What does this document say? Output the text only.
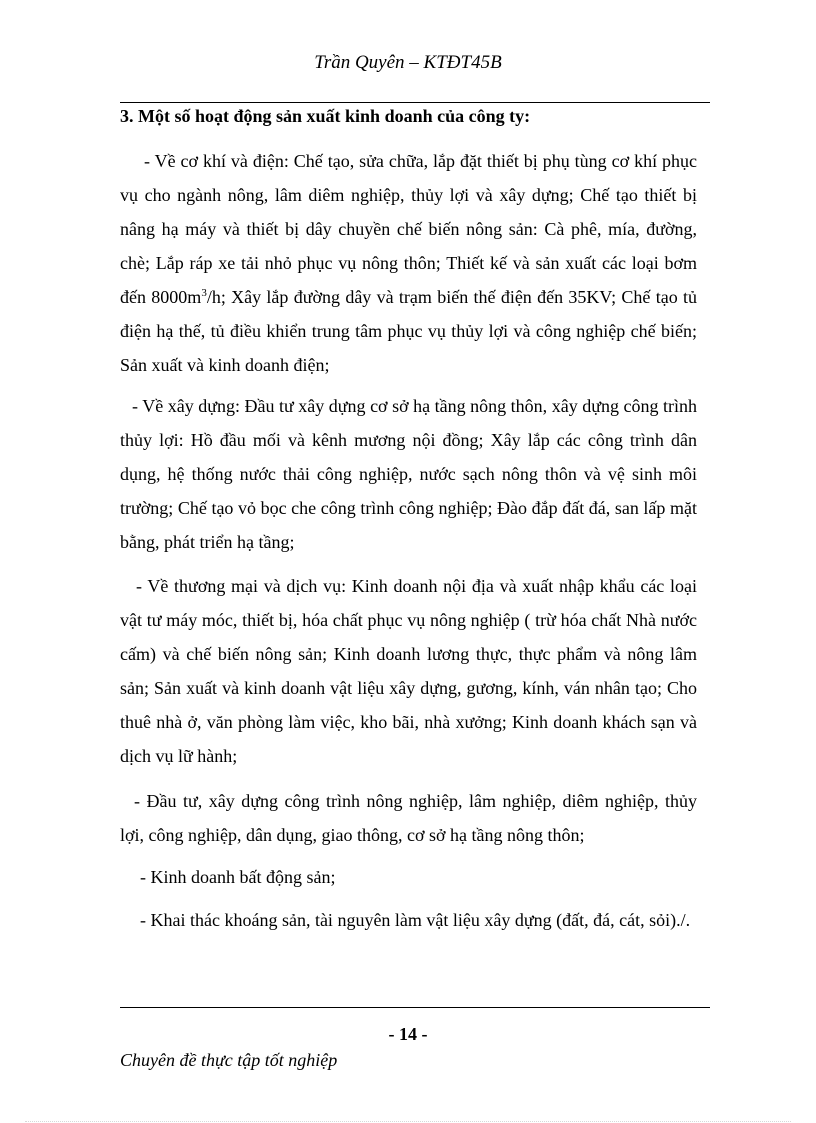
Trần Quyên – KTĐT45B
3. Một số hoạt động sản xuất kinh doanh của công ty:
- Về cơ khí và điện: Chế tạo, sửa chữa, lắp đặt thiết bị phụ tùng cơ khí phục vụ cho ngành nông, lâm diêm nghiệp, thủy lợi và xây dựng; Chế tạo thiết bị nâng hạ máy và thiết bị dây chuyền chế biến nông sản: Cà phê, mía, đường, chè; Lắp ráp xe tải nhỏ phục vụ nông thôn; Thiết kế và sản xuất các loại bơm đến $8000m^3/h$; Xây lắp đường dây và trạm biến thế điện đến 35KV; Chế tạo tủ điện hạ thế, tủ điều khiển trung tâm phục vụ thủy lợi và công nghiệp chế biến; Sản xuất và kinh doanh điện;
- Về xây dựng: Đầu tư xây dựng cơ sở hạ tầng nông thôn, xây dựng công trình thủy lợi: Hồ đầu mối và kênh mương nội đồng; Xây lắp các công trình dân dụng, hệ thống nước thải công nghiệp, nước sạch nông thôn và vệ sinh môi trường; Chế tạo vỏ bọc che công trình công nghiệp; Đào đắp đất đá, san lấp mặt bằng, phát triển hạ tầng;
- Về thương mại và dịch vụ: Kinh doanh nội địa và xuất nhập khẩu các loại vật tư máy móc, thiết bị, hóa chất phục vụ nông nghiệp ( trừ hóa chất Nhà nước cấm) và chế biến nông sản; Kinh doanh lương thực, thực phẩm và nông lâm sản; Sản xuất và kinh doanh vật liệu xây dựng, gương, kính, ván nhân tạo; Cho thuê nhà ở, văn phòng làm việc, kho bãi, nhà xưởng; Kinh doanh khách sạn và dịch vụ lữ hành;
- Đầu tư, xây dựng công trình nông nghiệp, lâm nghiệp, diêm nghiệp, thủy lợi, công nghiệp, dân dụng, giao thông, cơ sở hạ tầng nông thôn;
- Kinh doanh bất động sản;
- Khai thác khoáng sản, tài nguyên làm vật liệu xây dựng (đất, đá, cát, sỏi)./.
- 14 -
Chuyên đề thực tập tốt nghiệp
